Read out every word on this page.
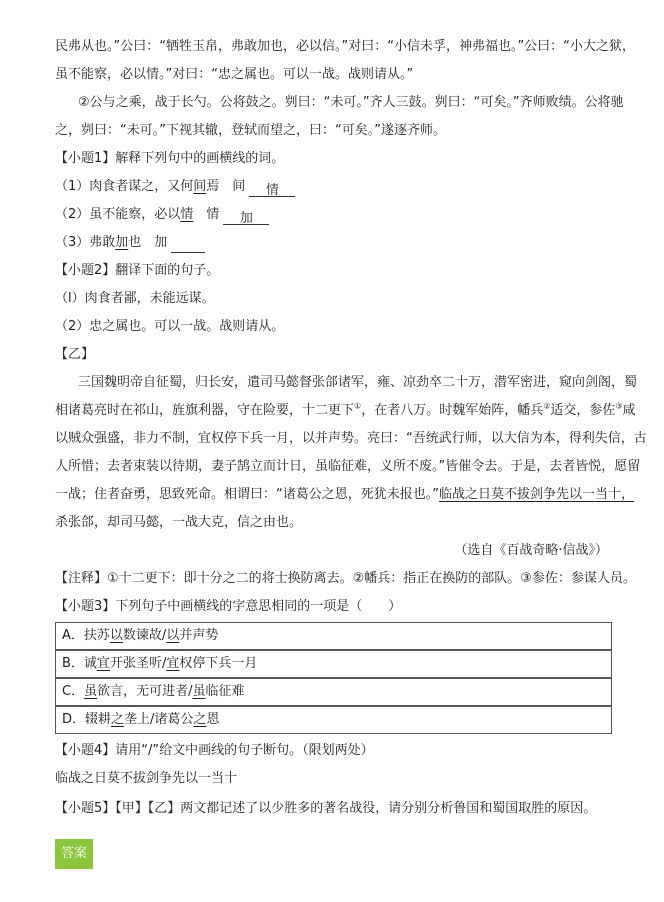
民弗从也。”公曰：“牺牲玉帛，弗敢加也，必以信。”对曰：“小信未孚，神弗福也。”公曰：“小大之狱，
虽不能察，必以情。”对曰：“忠之属也。可以一战。战则请从。”
②公与之乘，战于长勺。公将鼓之。刿曰：“未可。”齐人三鼓。刿曰：“可矣。”齐师败绩。公将驰
之，刿曰：“未可。”下视其辙，登轼而望之，曰：“可矣。”遂逐齐师。
【小题1】解释下列句中的画横线的词。
（1）肉食者谋之，又何间焉　间 情
（2）虽不能察，必以情　情 加
（3）弗敢加也　加
【小题2】翻译下面的句子。
（l）肉食者鄙，未能远谋。
（2）忠之属也。可以一战。战则请从。
【乙】
三国魏明帝自征蜀，归长安，遣司马懿督张郃诸军，雍、凉劲卒二十万，潜军密进，窥向剑阁，蜀
相诸葛亮时在祁山，旌旗利器，守在险要，十二更下①，在者八万。时魏军始阵，幡兵②适交，参佐③咸
以贼众强盛，非力不制，宜权停下兵一月，以并声势。亮曰：“吾统武行师，以大信为本，得利失信，古
人所惜；去者束装以待期，妻子鹄立而计日，虽临征难，义所不废。”皆催令去。于是，去者皆悦，愿留
一战；住者奋勇，思致死命。相谓曰：“诸葛公之恩，死犹未报也。”临战之日莫不拔剑争先以一当十，
杀张郃，却司马懿，一战大克，信之由也。
（选自《百战奇略·信战》）
【注释】①十二更下：即十分之二的将士换防离去。②幡兵：指正在换防的部队。③参佐：参谋人员。
【小题3】下列句子中画横线的字意思相同的一项是（　　）
A．扶苏以数谏故/以并声势
B．诚宜开张圣听/宜权停下兵一月
C．虽欲言，无可进者/虽临征难
D．辍耕之垄上/诸葛公之恩
【小题4】请用“/”给文中画线的句子断句。（限划两处）
临战之日莫不拔剑争先以一当十
【小题5】【甲】【乙】两文都记述了以少胜多的著名战役，请分别分析鲁国和蜀国取胜的原因。
答案
